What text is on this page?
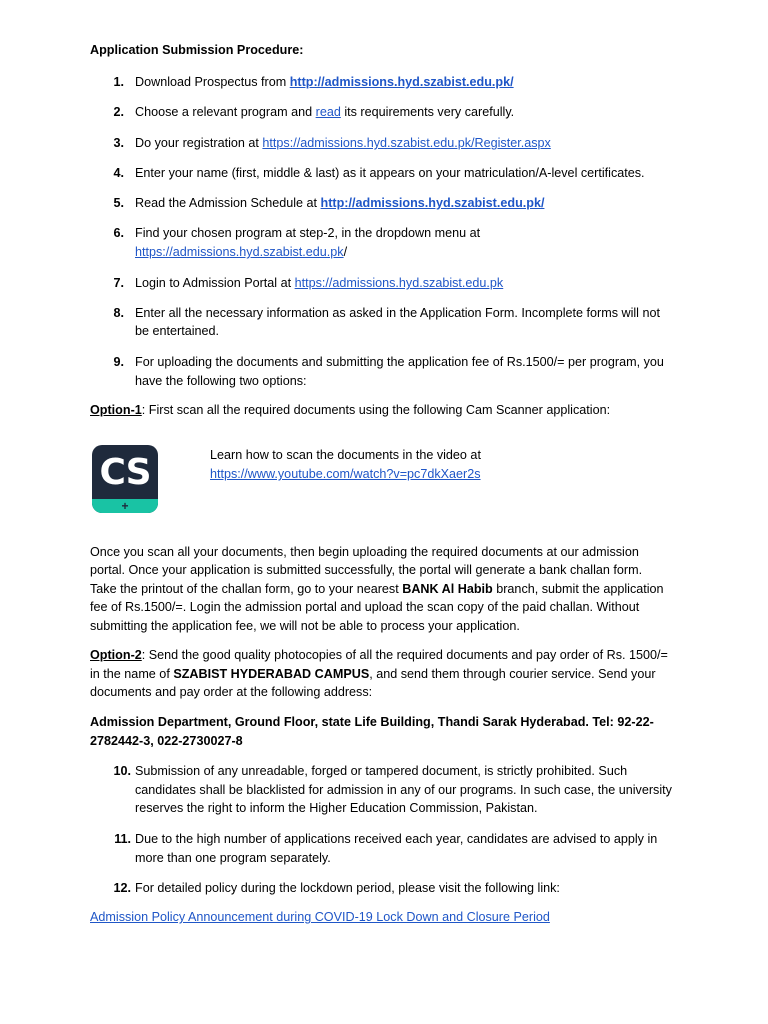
Application Submission Procedure:
1. Download Prospectus from http://admissions.hyd.szabist.edu.pk/
2. Choose a relevant program and read its requirements very carefully.
3. Do your registration at https://admissions.hyd.szabist.edu.pk/Register.aspx
4. Enter your name (first, middle & last) as it appears on your matriculation/A-level certificates.
5. Read the Admission Schedule at http://admissions.hyd.szabist.edu.pk/
6. Find your chosen program at step-2, in the dropdown menu at
https://admissions.hyd.szabist.edu.pk/
7. Login to Admission Portal at https://admissions.hyd.szabist.edu.pk
8. Enter all the necessary information as asked in the Application Form. Incomplete forms will not
be entertained.
9. For uploading the documents and submitting the application fee of Rs.1500/= per program, you
have the following two options:
Option-1: First scan all the required documents using the following Cam Scanner application:
CS
+
Learn how to scan the documents in the video at
https://www.youtube.com/watch?v=pc7dkXaer2s
Once you scan all your documents, then begin uploading the required documents at our admission
portal. Once your application is submitted successfully, the portal will generate a bank challan form.
Take the printout of the challan form, go to your nearest BANK Al Habib branch, submit the application
fee of Rs.1500/=. Login the admission portal and upload the scan copy of the paid challan. Without
submitting the application fee, we will not be able to process your application.
Option-2: Send the good quality photocopies of all the required documents and pay order of Rs. 1500/=
in the name of SZABIST HYDERABAD CAMPUS, and send them through courier service. Send your
documents and pay order at the following address:
Admission Department, Ground Floor, state Life Building, Thandi Sarak Hyderabad. Tel: 92-22-
2782442-3, 022-2730027-8
10. Submission of any unreadable, forged or tampered document, is strictly prohibited. Such
candidates shall be blacklisted for admission in any of our programs. In such case, the university
reserves the right to inform the Higher Education Commission, Pakistan.
11. Due to the high number of applications received each year, candidates are advised to apply in
more than one program separately.
12. For detailed policy during the lockdown period, please visit the following link:
Admission Policy Announcement during COVID-19 Lock Down and Closure Period
